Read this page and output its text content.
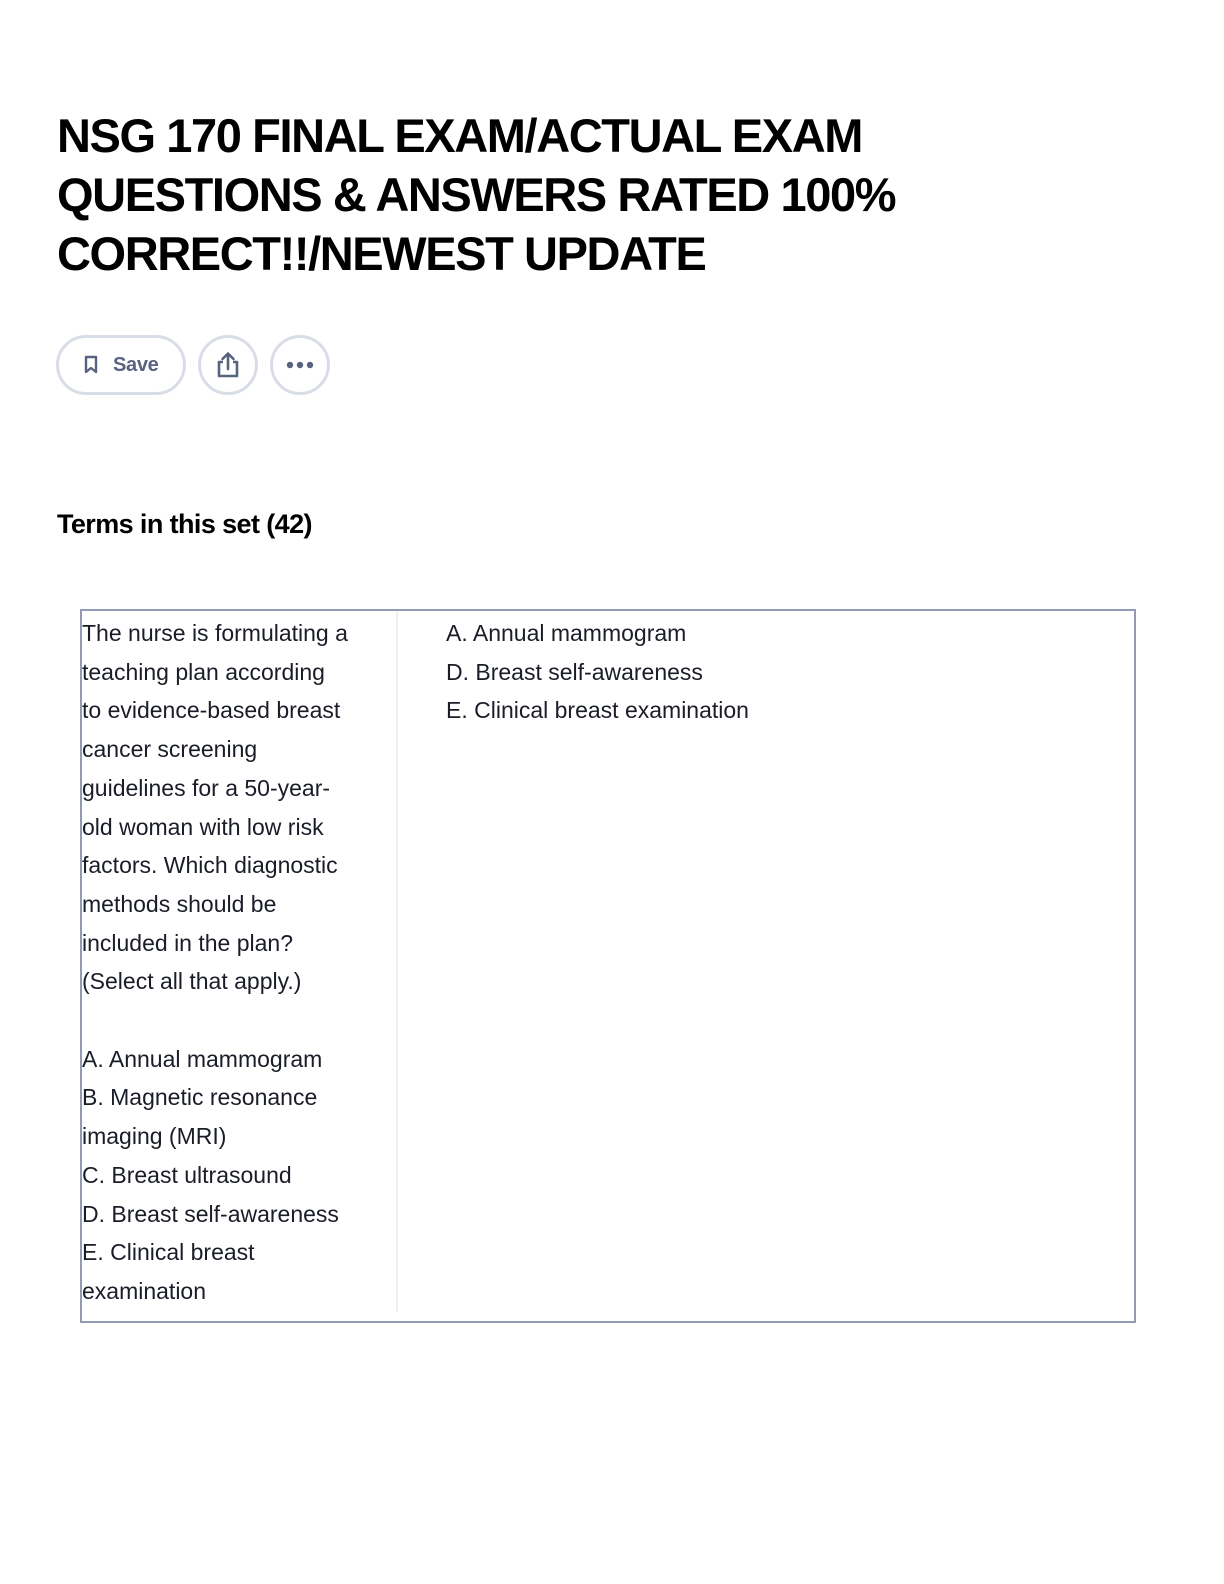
NSG 170 FINAL EXAM/ACTUAL EXAM
QUESTIONS & ANSWERS RATED 100%
CORRECT!!/NEWEST UPDATE
Save
Terms in this set (42)
The nurse is formulating a
teaching plan according
to evidence-based breast
cancer screening
guidelines for a 50-year-
old woman with low risk
factors. Which diagnostic
methods should be
included in the plan?
(Select all that apply.)
A. Annual mammogram
B. Magnetic resonance
imaging (MRI)
C. Breast ultrasound
D. Breast self-awareness
E. Clinical breast
examination
A. Annual mammogram
D. Breast self-awareness
E. Clinical breast examination
